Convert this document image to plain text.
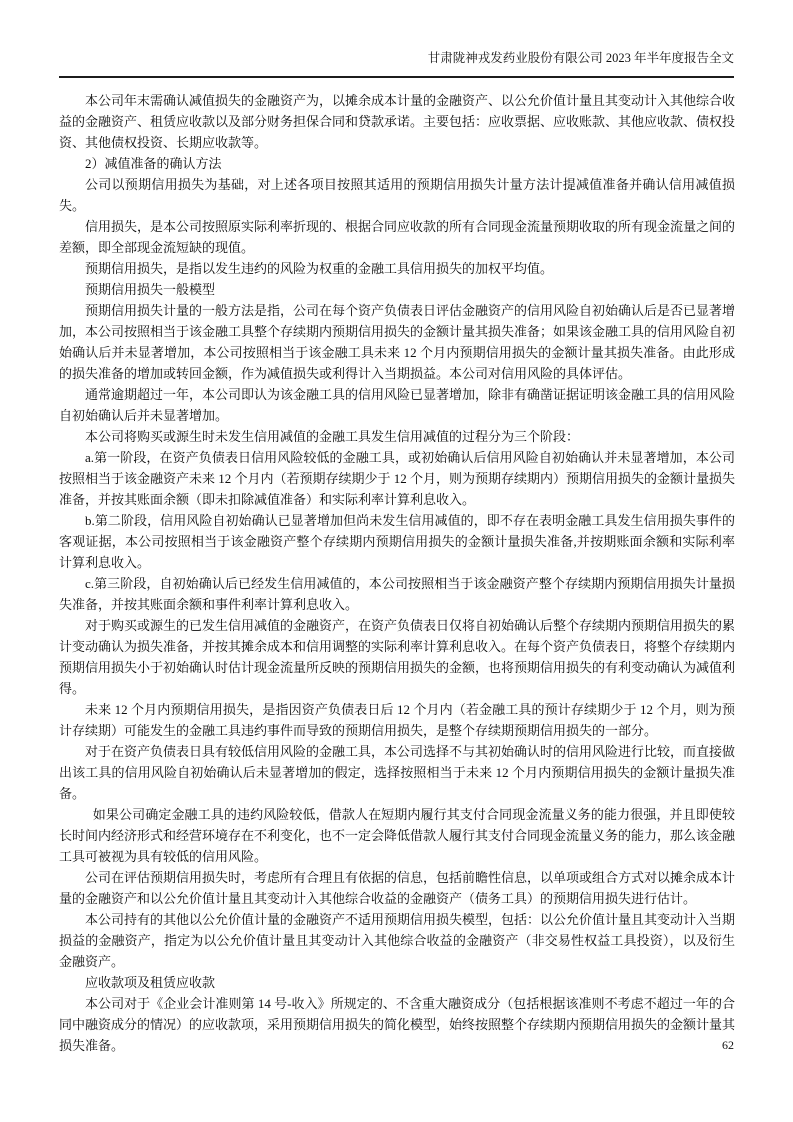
甘肃陇神戎发药业股份有限公司 2023 年半年度报告全文

本公司年末需确认减值损失的金融资产为，以摊余成本计量的金融资产、以公允价值计量且其变动计入其他综合收益的金融资产、租赁应收款以及部分财务担保合同和贷款承诺。主要包括：应收票据、应收账款、其他应收款、债权投资、其他债权投资、长期应收款等。

2）减值准备的确认方法

公司以预期信用损失为基础，对上述各项目按照其适用的预期信用损失计量方法计提减值准备并确认信用减值损失。

信用损失，是本公司按照原实际利率折现的、根据合同应收款的所有合同现金流量预期收取的所有现金流量之间的差额，即全部现金流短缺的现值。

预期信用损失，是指以发生违约的风险为权重的金融工具信用损失的加权平均值。

预期信用损失一般模型

预期信用损失计量的一般方法是指，公司在每个资产负债表日评估金融资产的信用风险自初始确认后是否已显著增加，本公司按照相当于该金融工具整个存续期内预期信用损失的金额计量其损失准备；如果该金融工具的信用风险自初始确认后并未显著增加，本公司按照相当于该金融工具未来 12 个月内预期信用损失的金额计量其损失准备。由此形成的损失准备的增加或转回金额，作为减值损失或利得计入当期损益。本公司对信用风险的具体评估。

通常逾期超过一年，本公司即认为该金融工具的信用风险已显著增加，除非有确凿证据证明该金融工具的信用风险自初始确认后并未显著增加。

本公司将购买或源生时未发生信用减值的金融工具发生信用减值的过程分为三个阶段：

a.第一阶段，在资产负债表日信用风险较低的金融工具，或初始确认后信用风险自初始确认并未显著增加，本公司按照相当于该金融资产未来 12 个月内（若预期存续期少于 12 个月，则为预期存续期内）预期信用损失的金额计量损失准备，并按其账面余额（即未扣除减值准备）和实际利率计算利息收入。

b.第二阶段，信用风险自初始确认已显著增加但尚未发生信用减值的，即不存在表明金融工具发生信用损失事件的客观证据，本公司按照相当于该金融资产整个存续期内预期信用损失的金额计量损失准备,并按期账面余额和实际利率计算利息收入。

c.第三阶段，自初始确认后已经发生信用减值的，本公司按照相当于该金融资产整个存续期内预期信用损失计量损失准备，并按其账面余额和事件利率计算利息收入。

对于购买或源生的已发生信用减值的金融资产，在资产负债表日仅将自初始确认后整个存续期内预期信用损失的累计变动确认为损失准备，并按其摊余成本和信用调整的实际利率计算利息收入。在每个资产负债表日，将整个存续期内预期信用损失小于初始确认时估计现金流量所反映的预期信用损失的金额，也将预期信用损失的有利变动确认为减值利得。

未来 12 个月内预期信用损失，是指因资产负债表日后 12 个月内（若金融工具的预计存续期少于 12 个月，则为预计存续期）可能发生的金融工具违约事件而导致的预期信用损失，是整个存续期预期信用损失的一部分。

对于在资产负债表日具有较低信用风险的金融工具，本公司选择不与其初始确认时的信用风险进行比较，而直接做出该工具的信用风险自初始确认后未显著增加的假定，选择按照相当于未来 12 个月内预期信用损失的金额计量损失准备。

如果公司确定金融工具的违约风险较低，借款人在短期内履行其支付合同现金流量义务的能力很强，并且即使较长时间内经济形式和经营环境存在不利变化，也不一定会降低借款人履行其支付合同现金流量义务的能力，那么该金融工具可被视为具有较低的信用风险。

公司在评估预期信用损失时，考虑所有合理且有依据的信息，包括前瞻性信息，以单项或组合方式对以摊余成本计量的金融资产和以公允价值计量且其变动计入其他综合收益的金融资产（债务工具）的预期信用损失进行估计。

本公司持有的其他以公允价值计量的金融资产不适用预期信用损失模型，包括：以公允价值计量且其变动计入当期损益的金融资产，指定为以公允价值计量且其变动计入其他综合收益的金融资产（非交易性权益工具投资），以及衍生金融资产。

应收款项及租赁应收款

本公司对于《企业会计准则第 14 号-收入》所规定的、不含重大融资成分（包括根据该准则不考虑不超过一年的合同中融资成分的情况）的应收款项，采用预期信用损失的简化模型，始终按照整个存续期内预期信用损失的金额计量其损失准备。	62
